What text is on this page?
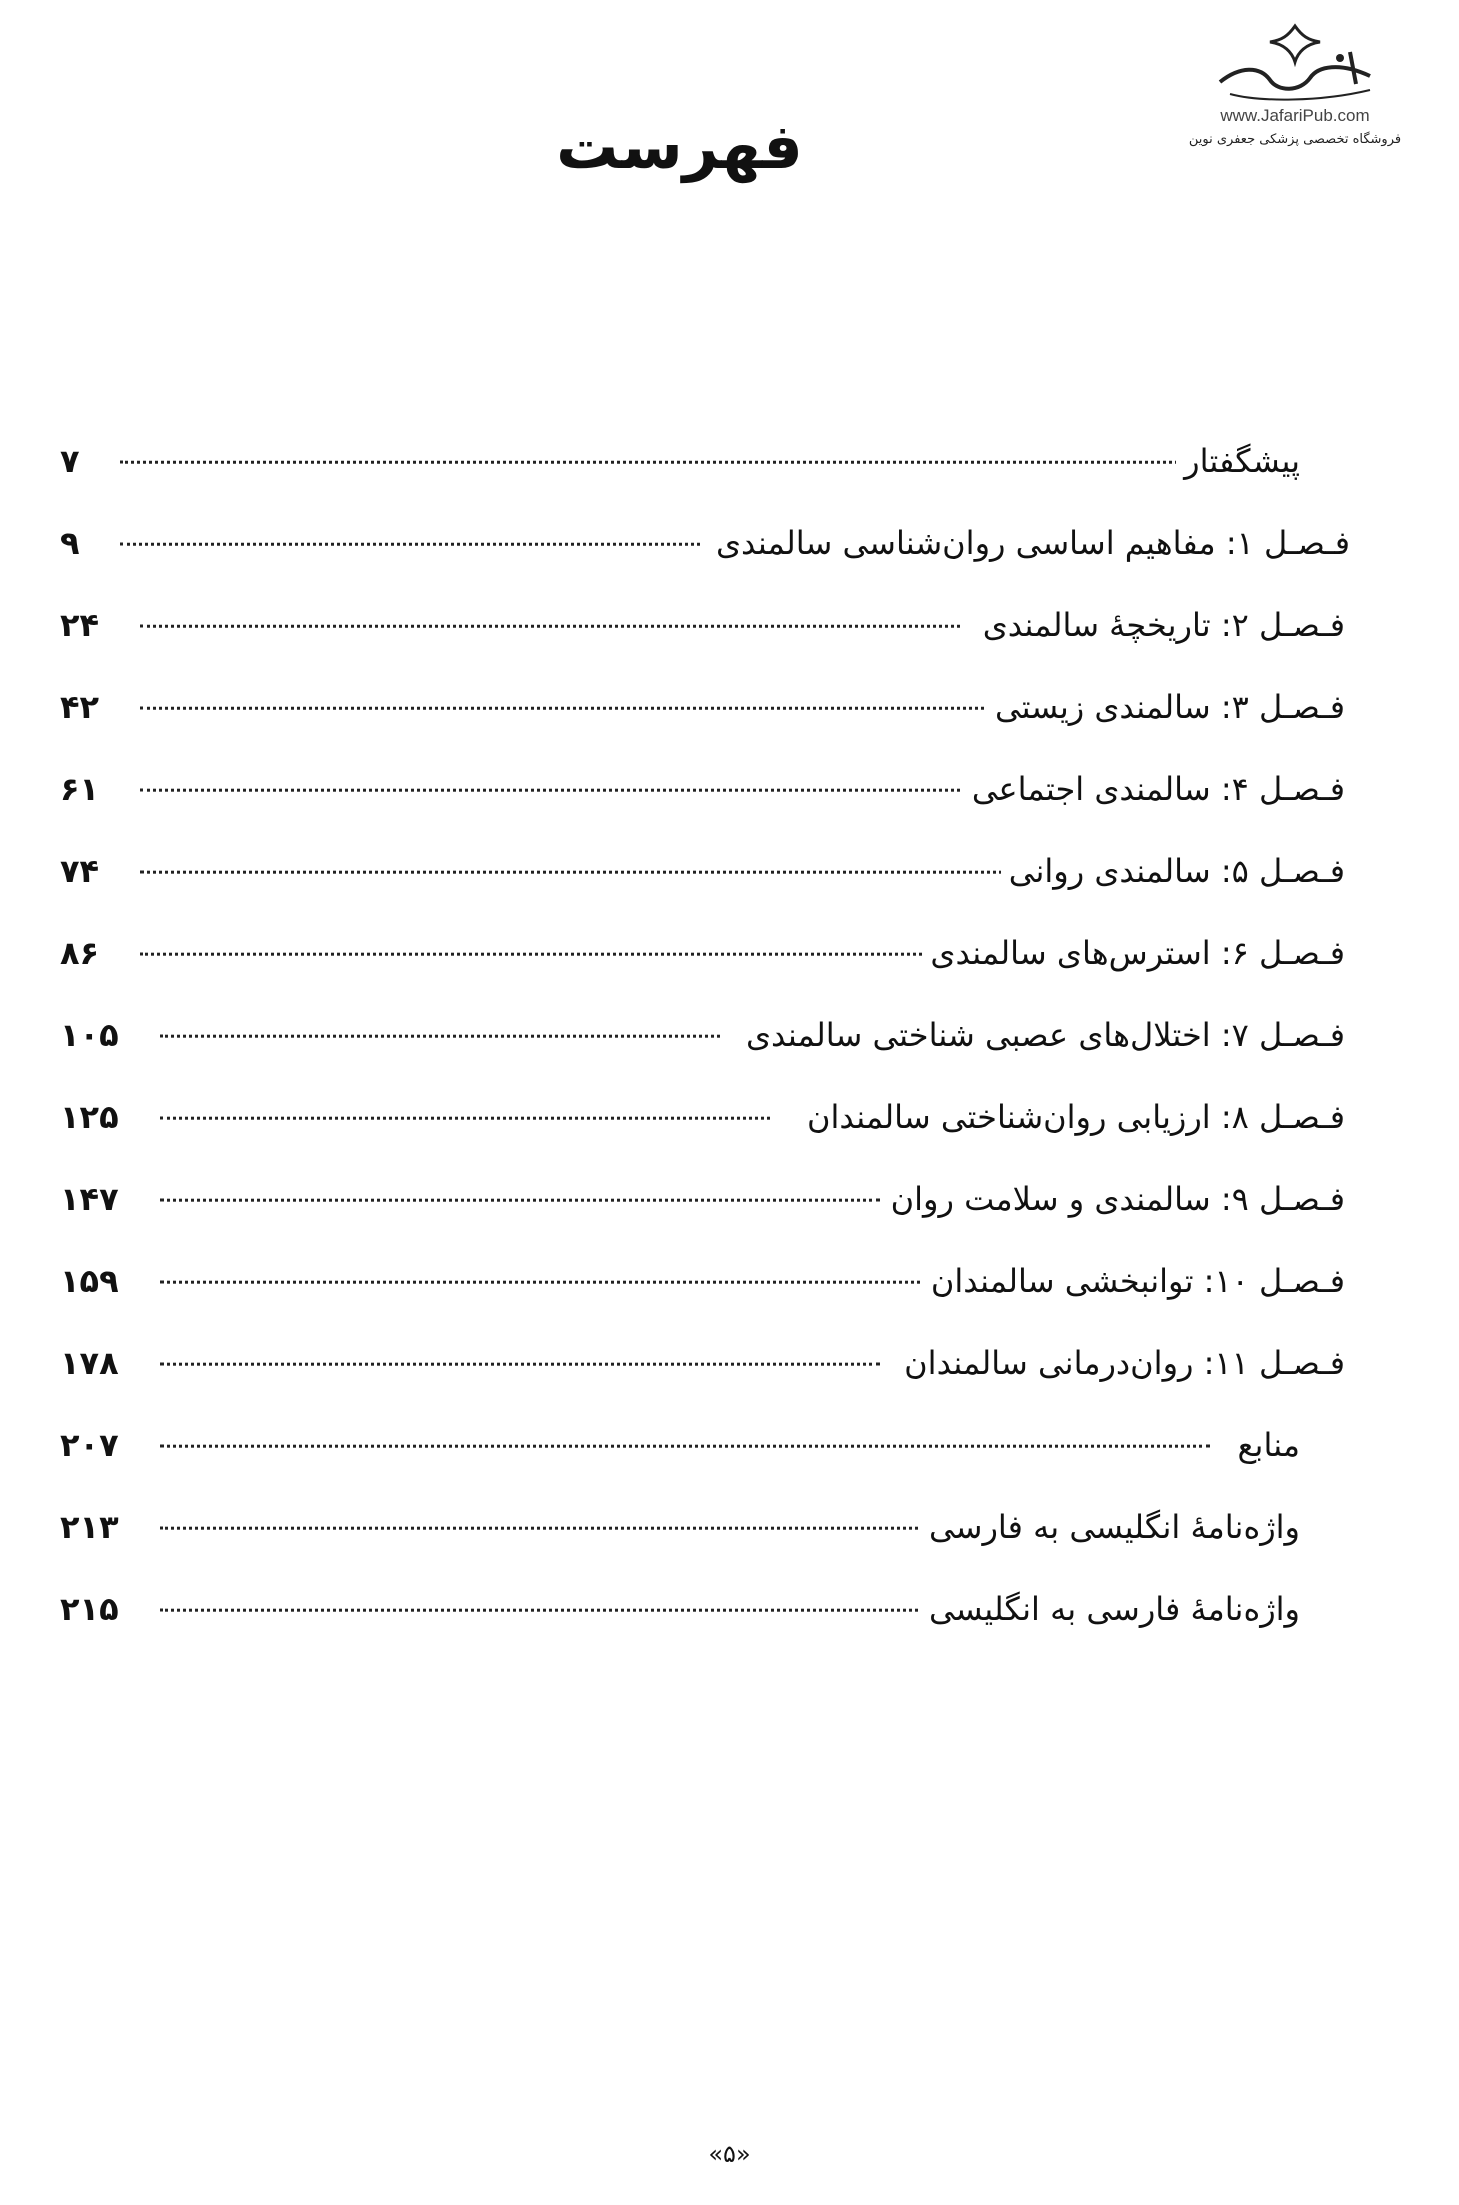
www.JafariPub.com
فروشگاه تخصصی پزشکی جعفری نوین
فهرست
پیشگفتار
۷
فـصـل ۱: مفاهیم اساسی روان‌شناسی سالمندی
۹
فـصـل ۲: تاریخچهٔ سالمندی
۲۴
فـصـل ۳: سالمندی زیستی
۴۲
فـصـل ۴: سالمندی اجتماعی
۶۱
فـصـل ۵: سالمندی روانی
۷۴
فـصـل ۶: استرس‌های سالمندی
۸۶
فـصـل ۷: اختلال‌های عصبی شناختی سالمندی
۱۰۵
فـصـل ۸: ارزیابی روان‌شناختی سالمندان
۱۲۵
فـصـل ۹: سالمندی و سلامت روان
۱۴۷
فـصـل ۱۰: توانبخشی سالمندان
۱۵۹
فـصـل ۱۱: روان‌درمانی سالمندان
۱۷۸
منابع
۲۰۷
واژه‌نامهٔ انگلیسی به فارسی
۲۱۳
واژه‌نامهٔ فارسی به انگلیسی
۲۱۵
«۵»
